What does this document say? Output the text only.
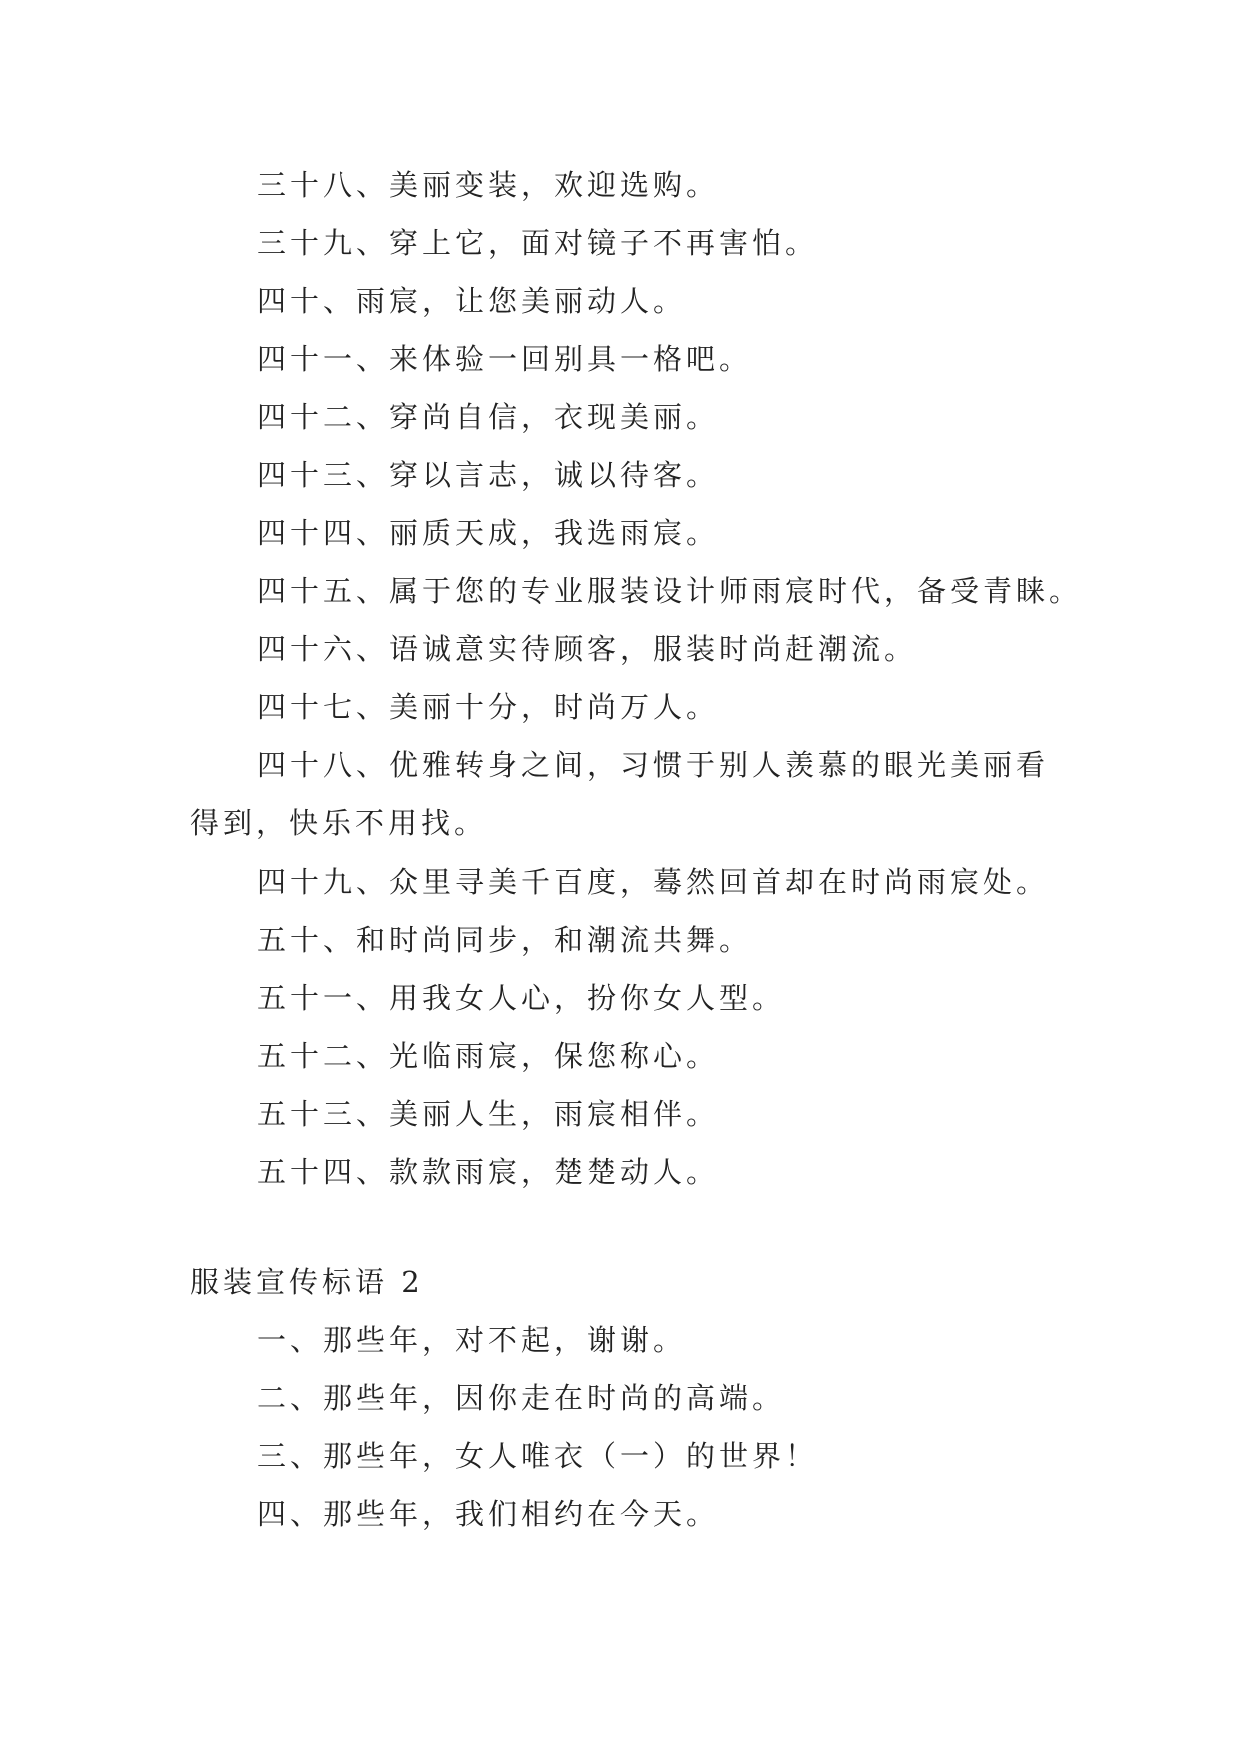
三十八、美丽变装，欢迎选购。
三十九、穿上它，面对镜子不再害怕。
四十、雨宸，让您美丽动人。
四十一、来体验一回别具一格吧。
四十二、穿尚自信，衣现美丽。
四十三、穿以言志，诚以待客。
四十四、丽质天成，我选雨宸。
四十五、属于您的专业服装设计师雨宸时代，备受青睐。
四十六、语诚意实待顾客，服装时尚赶潮流。
四十七、美丽十分，时尚万人。
四十八、优雅转身之间，习惯于别人羡慕的眼光美丽看
得到，快乐不用找。
四十九、众里寻美千百度，蓦然回首却在时尚雨宸处。
五十、和时尚同步，和潮流共舞。
五十一、用我女人心，扮你女人型。
五十二、光临雨宸，保您称心。
五十三、美丽人生，雨宸相伴。
五十四、款款雨宸，楚楚动人。
服装宣传标语 2
一、那些年，对不起，谢谢。
二、那些年，因你走在时尚的高端。
三、那些年，女人唯衣（一）的世界！
四、那些年，我们相约在今天。
